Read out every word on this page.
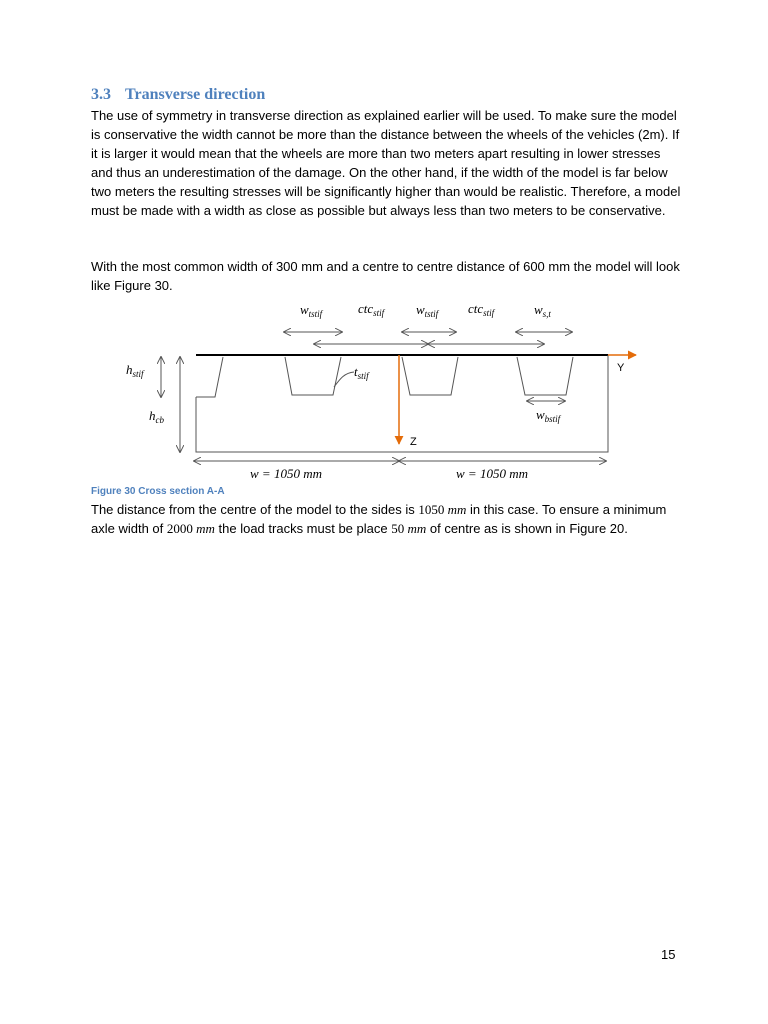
3.3 Transverse direction

The use of symmetry in transverse direction as explained earlier will be used. To make sure the model is conservative the width cannot be more than the distance between the wheels of the vehicles (2m). If it is larger it would mean that the wheels are more than two meters apart resulting in lower stresses and thus an underestimation of the damage. On the other hand, if the width of the model is far below two meters the resulting stresses will be significantly higher than would be realistic. Therefore, a model must be made with a width as close as possible but always less than two meters to be conservative.

With the most common width of 300 mm and a centre to centre distance of 600 mm the model will look like Figure 30.

$w_{tstif}$	ctc$_{stif}$ $w_{tstif}$ ctc$_{stif}$	$w_{s,t}$
$t_{stif}$
$w_{bstif}$
$h_{stif}$
$h_{cb}$
Y
Z
w = 1050 mm	w = 1050 mm

Figure 30 Cross section A-A

The distance from the centre of the model to the sides is 1050 mm in this case. To ensure a minimum axle width of 2000 mm the load tracks must be place 50 mm of centre as is shown in Figure 20.

15
